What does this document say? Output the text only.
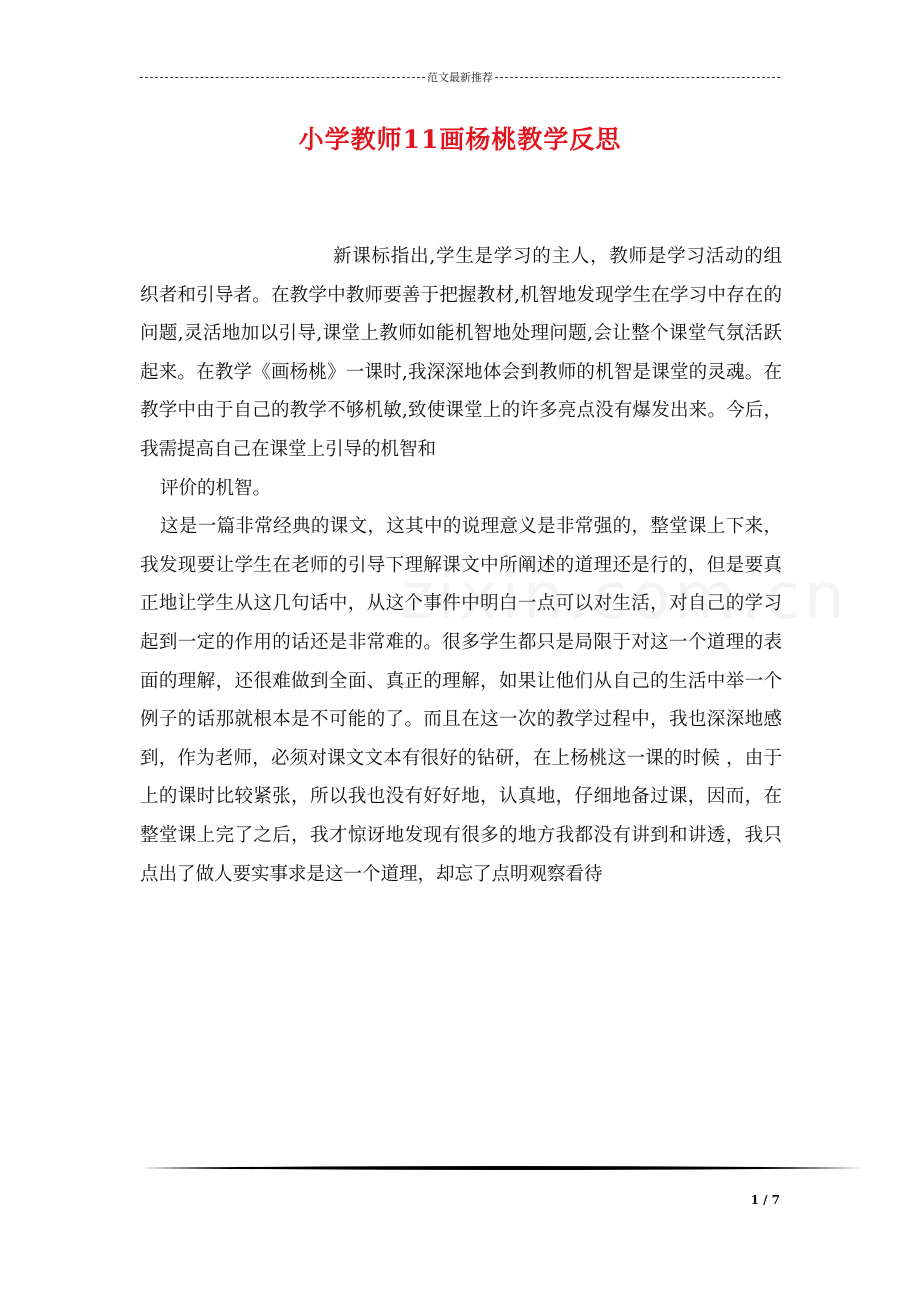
范文最新推荐
小学教师11画杨桃教学反思

新课标指出,学生是学习的主人，教师是学习活动的组织者和引导者。在教学中教师要善于把握教材,机智地发现学生在学习中存在的问题,灵活地加以引导,课堂上教师如能机智地处理问题,会让整个课堂气氛活跃起来。在教学《画杨桃》一课时,我深深地体会到教师的机智是课堂的灵魂。在教学中由于自己的教学不够机敏,致使课堂上的许多亮点没有爆发出来。今后，我需提高自己在课堂上引导的机智和

评价的机智。

这是一篇非常经典的课文，这其中的说理意义是非常强的，整堂课上下来，我发现要让学生在老师的引导下理解课文中所阐述的道理还是行的，但是要真正地让学生从这几句话中，从这个事件中明白一点可以对生活，对自己的学习起到一定的作用的话还是非常难的。很多学生都只是局限于对这一个道理的表面的理解，还很难做到全面、真正的理解，如果让他们从自己的生活中举一个例子的话那就根本是不可能的了。而且在这一次的教学过程中，我也深深地感到，作为老师，必须对课文文本有很好的钻研，在上杨桃这一课的时候 ，由于上的课时比较紧张，所以我也没有好好地，认真地，仔细地备过课，因而，在整堂课上完了之后，我才惊讶地发现有很多的地方我都没有讲到和讲透，我只点出了做人要实事求是这一个道理，却忘了点明观察看待

1 / 7
